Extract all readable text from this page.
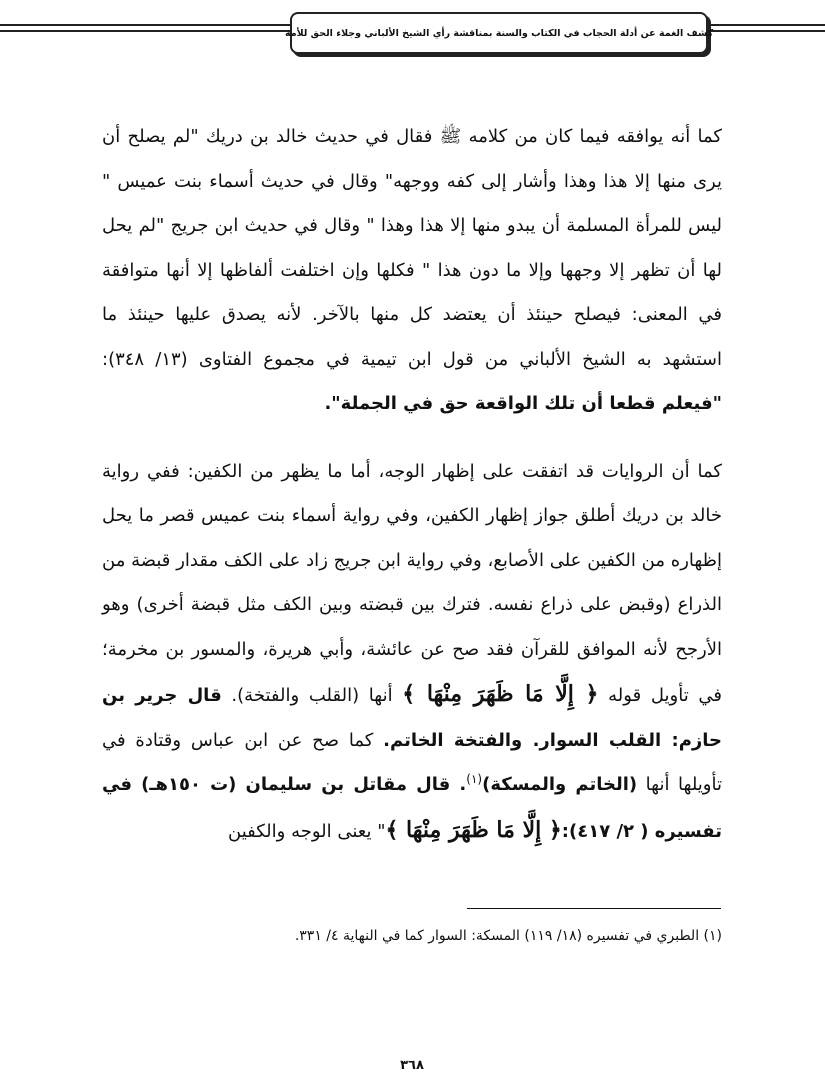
كشف الغمة عن أدلة الحجاب في الكتاب والسنة بمناقشة رأي الشيخ الألباني وجلاء الحق للأمة

كما أنه يوافقه فيما كان من كلامه ﷺ فقال في حديث خالد بن دريك "لم يصلح أن يرى منها إلا هذا وهذا وأشار إلى كفه ووجهه" وقال في حديث أسماء بنت عميس " ليس للمرأة المسلمة أن يبدو منها إلا هذا وهذا " وقال في حديث ابن جريج "لم يحل لها أن تظهر إلا وجهها وإلا ما دون هذا " فكلها وإن اختلفت ألفاظها إلا أنها متوافقة في المعنى: فيصلح حينئذ أن يعتضد كل منها بالآخر. لأنه يصدق عليها حينئذ ما استشهد به الشيخ الألباني من قول ابن تيمية في مجموع الفتاوى (١٣/ ٣٤٨): "فيعلم قطعا أن تلك الواقعة حق في الجملة".

كما أن الروايات قد اتفقت على إظهار الوجه، أما ما يظهر من الكفين: ففي رواية خالد بن دريك أطلق جواز إظهار الكفين، وفي رواية أسماء بنت عميس قصر ما يحل إظهاره من الكفين على الأصابع، وفي رواية ابن جريج زاد على الكف مقدار قبضة من الذراع (وقبض على ذراع نفسه. فترك بين قبضته وبين الكف مثل قبضة أخرى) وهو الأرجح لأنه الموافق للقرآن فقد صح عن عائشة، وأبي هريرة، والمسور بن مخرمة؛ في تأويل قوله ﴿ إِلَّا مَا ظَهَرَ مِنْهَا ﴾ أنها (القلب والفتخة). قال جرير بن حازم: القلب السوار. والفتخة الخاتم. كما صح عن ابن عباس وقتادة في تأويلها أنها (الخاتم والمسكة)$^{(١)}$. قال مقاتل بن سليمان (ت ١٥٠هـ) في تفسيره ( ٢/ ٤١٧):﴿ إِلَّا مَا ظَهَرَ مِنْهَا ﴾" يعنى الوجه والكفين

(١) الطبري في تفسيره (١٨/ ١١٩) المسكة: السوار كما في النهاية ٤/ ٣٣١.
٣٦٨
